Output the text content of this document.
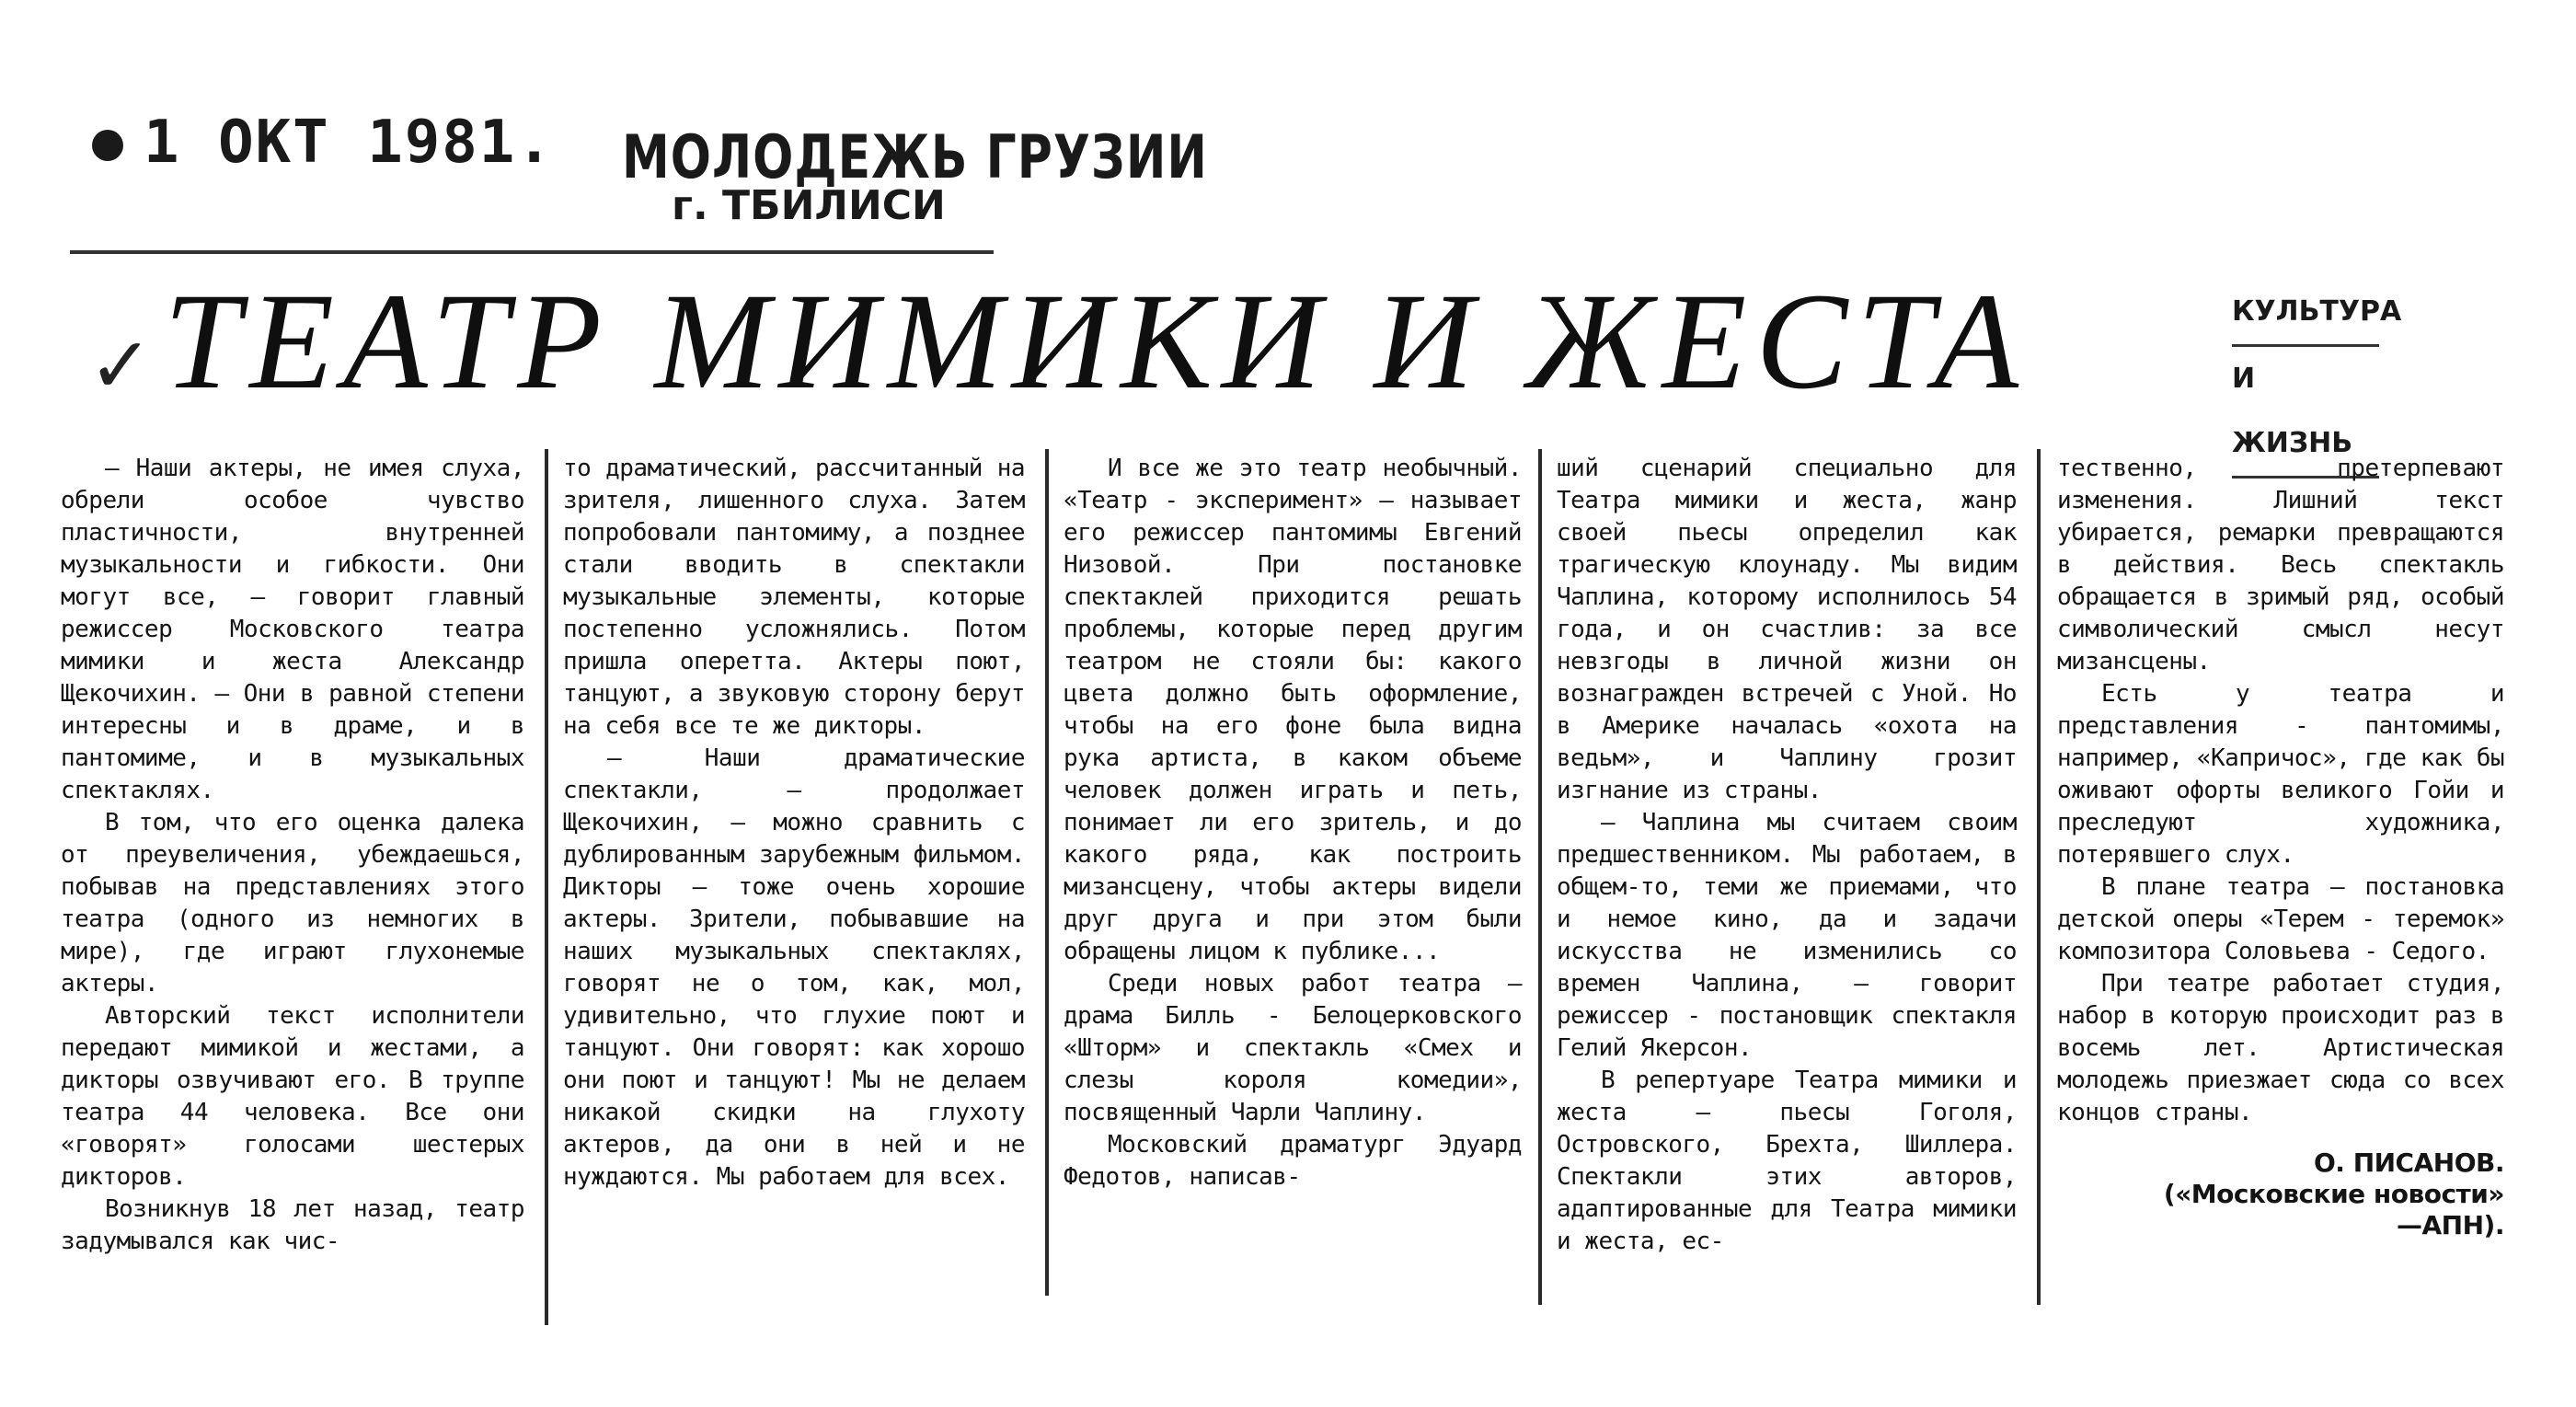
1 ОКТ 1981. МОЛОДЕЖЬ ГРУЗИИ
г. ТБИЛИСИ
✓ ТЕАТР МИМИКИ И ЖЕСТА	КУЛЬТУРА
И ЖИЗНЬ

— Наши актеры, не имея слуха, обрели особое чувство пластичности, внутренней музыкальности и гибкости. Они могут все, — говорит главный режиссер Московского театра мимики и жеста Александр Щекочихин. — Они в равной степени интересны и в драме, и в пантомиме, и в музыкальных спектаклях.

В том, что его оценка далека от преувеличения, убеждаешься, побывав на представлениях этого театра (одного из немногих в мире), где играют глухонемые актеры.

Авторский текст исполнители передают мимикой и жестами, а дикторы озвучивают его. В труппе театра 44 человека. Все они «говорят» голосами шестерых дикторов.

Возникнув 18 лет назад, театр задумывался как чис-

то драматический, рассчитанный на зрителя, лишенного слуха. Затем попробовали пантомиму, а позднее стали вводить в спектакли музыкальные элементы, которые постепенно усложнялись. Потом пришла оперетта. Актеры поют, танцуют, а звуковую сторону берут на себя все те же дикторы.

— Наши драматические спектакли, — продолжает Щекочихин, — можно сравнить с дублированным зарубежным фильмом. Дикторы — тоже очень хорошие актеры. Зрители, побывавшие на наших музыкальных спектаклях, говорят не о том, как, мол, удивительно, что глухие поют и танцуют. Они говорят: как хорошо они поют и танцуют! Мы не делаем никакой скидки на глухоту актеров, да они в ней и не нуждаются. Мы работаем для всех.

И все же это театр необычный. «Театр - эксперимент» — называет его режиссер пантомимы Евгений Низовой. При постановке спектаклей приходится решать проблемы, которые перед другим театром не стояли бы: какого цвета должно быть оформление, чтобы на его фоне была видна рука артиста, в каком объеме человек должен играть и петь, понимает ли его зритель, и до какого ряда, как построить мизансцену, чтобы актеры видели друг друга и при этом были обращены лицом к публике...

Среди новых работ театра — драма Билль - Белоцерковского «Шторм» и спектакль «Смех и слезы короля комедии», посвященный Чарли Чаплину.

Московский драматург Эдуард Федотов, написав-

ший сценарий специально для Театра мимики и жеста, жанр своей пьесы определил как трагическую клоунаду. Мы видим Чаплина, которому исполнилось 54 года, и он счастлив: за все невзгоды в личной жизни он вознагражден встречей с Уной. Но в Америке началась «охота на ведьм», и Чаплину грозит изгнание из страны.

— Чаплина мы считаем своим предшественником. Мы работаем, в общем-то, теми же приемами, что и немое кино, да и задачи искусства не изменились со времен Чаплина, — говорит режиссер - постановщик спектакля Гелий Якерсон.

В репертуаре Театра мимики и жеста — пьесы Гоголя, Островского, Брехта, Шиллера. Спектакли этих авторов, адаптированные для Театра мимики и жеста, ес-

тественно, претерпевают изменения. Лишний текст убирается, ремарки превращаются в действия. Весь спектакль обращается в зримый ряд, особый символический смысл несут мизансцены.

Есть у театра и представления - пантомимы, например, «Капричос», где как бы оживают офорты великого Гойи и преследуют художника, потерявшего слух.

В плане театра — постановка детской оперы «Терем - теремок» композитора Соловьева - Седого.

При театре работает студия, набор в которую происходит раз в восемь лет. Артистическая молодежь приезжает сюда со всех концов страны.

О. ПИСАНОВ.
(«Московские новости»
—АПН).
